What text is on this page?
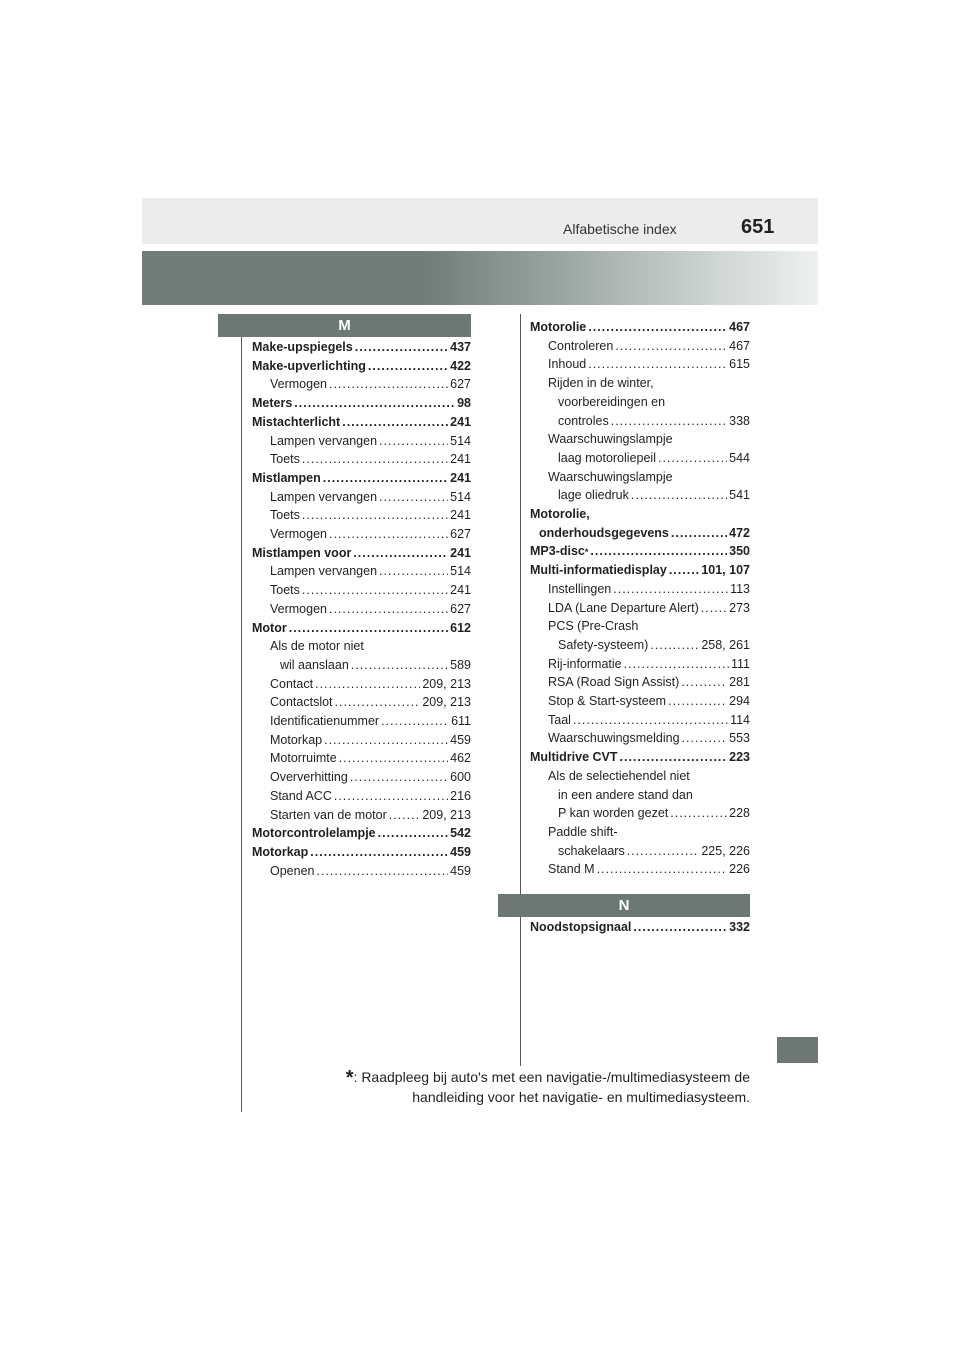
Alfabetische index	651
M
N
Make-upspiegels .....	437
Make-upverlichting .....	422
Vermogen .....	627
Meters .....	98
Mistachterlicht .....	241
Lampen vervangen .....	514
Toets .....	241
Mistlampen .....	241
Lampen vervangen .....	514
Toets .....	241
Vermogen .....	627
Mistlampen voor .....	241
Lampen vervangen .....	514
Toets .....	241
Vermogen .....	627
Motor .....	612
Als de motor niet
wil aanslaan .....	589
Contact .....	209, 213
Contactslot .....	209, 213
Identificatienummer .....	611
Motorkap .....	459
Motorruimte .....	462
Oververhitting .....	600
Stand ACC .....	216
Starten van de motor .....	209, 213
Motorcontrolelampje .....	542
Motorkap .....	459
Openen .....	459
Motorolie .....	467
Controleren .....	467
Inhoud .....	615
Rijden in de winter,
voorbereidingen en
controles .....	338
Waarschuwingslampje
laag motoroliepeil .....	544
Waarschuwingslampje
lage oliedruk .....	541
Motorolie,
onderhoudsgegevens .....	472
MP3-disc * .....	350
Multi-informatiedisplay .....	101, 107
Instellingen .....	113
LDA (Lane Departure Alert) ..... 273
PCS (Pre-Crash
Safety-systeem) .....	258, 261
Rij-informatie .....	111
RSA (Road Sign Assist) .....	281
Stop & Start-systeem .....	294
Taal .....	114
Waarschuwingsmelding .....	553
Multidrive CVT .....	223
Als de selectiehendel niet
in een andere stand dan
P kan worden gezet .....	228
Paddle shift-
schakelaars .....	225, 226
Stand M .....	226
Noodstopsignaal .....	332
*: Raadpleeg bij auto's met een navigatie-/multimediasysteem de
handleiding voor het navigatie- en multimediasysteem.
